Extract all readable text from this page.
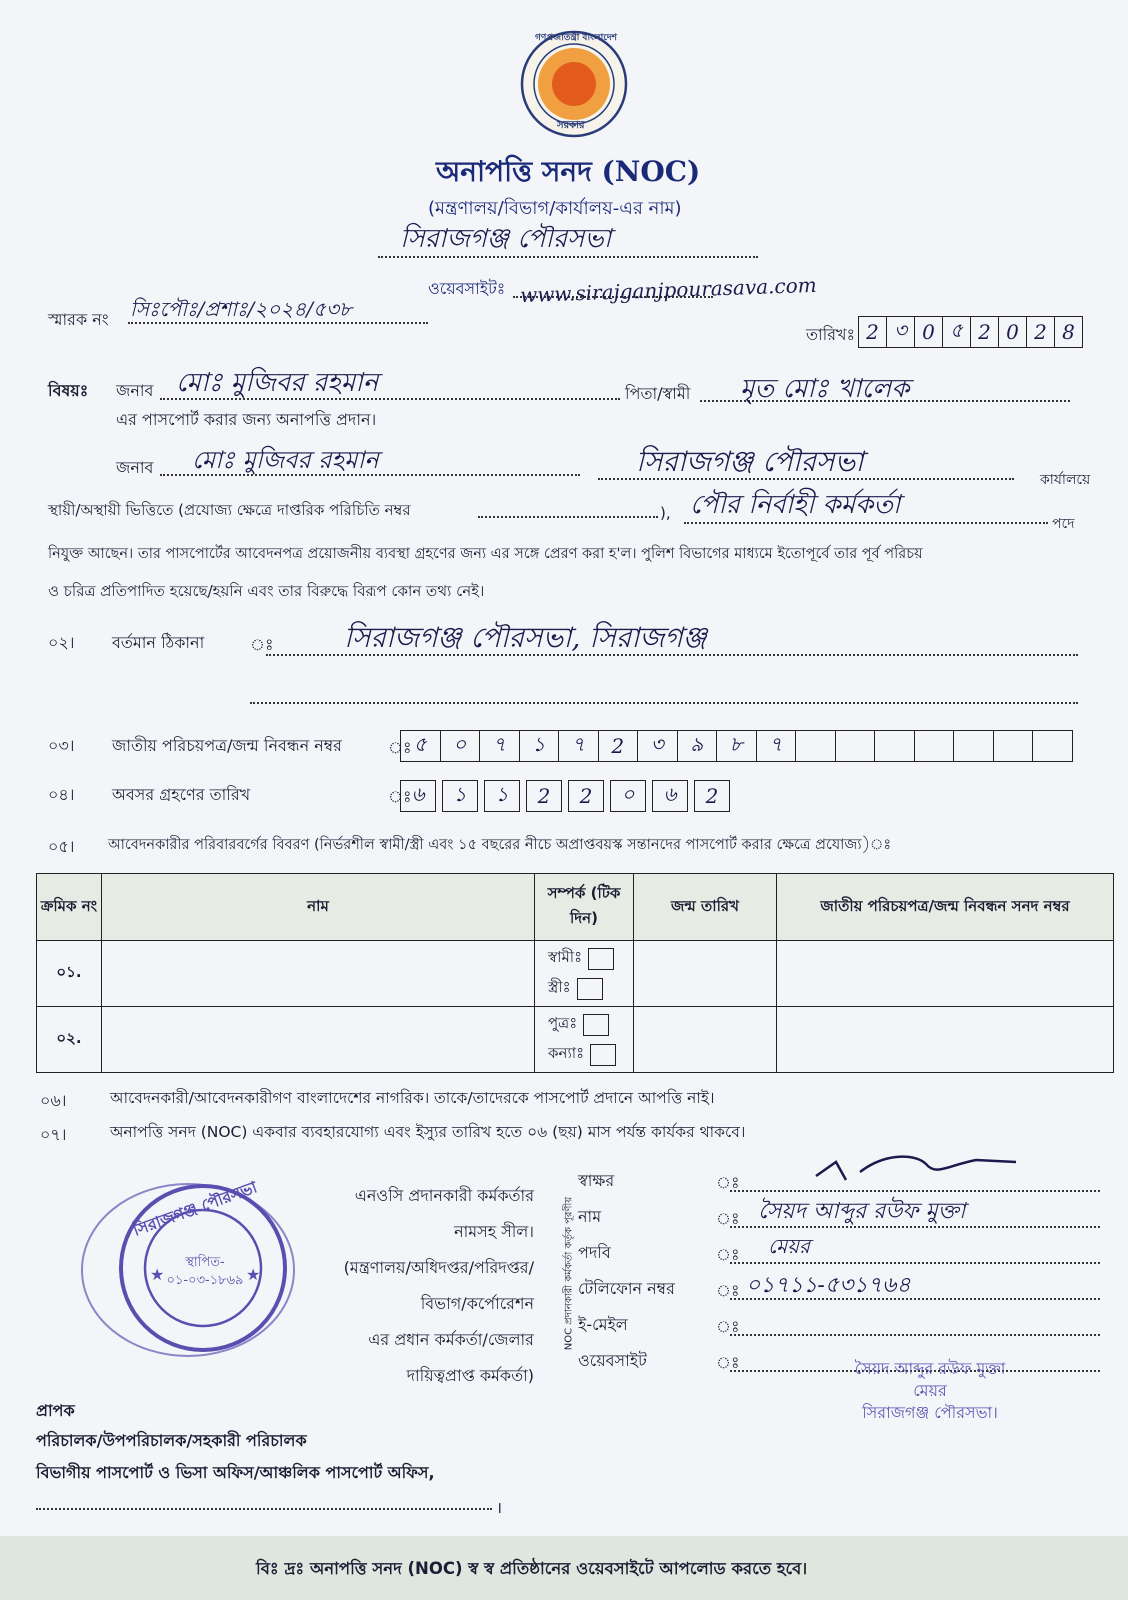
গণপ্রজাতন্ত্রী বাংলাদেশ
সরকার
অনাপত্তি সনদ (NOC)
(মন্ত্রণালয়/বিভাগ/কার্যালয়-এর নাম)
সিরাজগঞ্জ পৌরসভা
ওয়েবসাইটঃ www.sirajganjpourasava.com
স্মারক নং সিঃপৌঃ/প্রশাঃ/২০২৪/৫৩৮
তারিখঃ 2 ৩ 0 ৫ 2 0 2 8
বিষয়ঃ জনাব মোঃ মুজিবর রহমান	পিতা/স্বামী মৃত মোঃ খালেক
এর পাসপোর্ট করার জন্য অনাপত্তি প্রদান।
জনাব মোঃ মুজিবর রহমান	সিরাজগঞ্জ পৌরসভা
কার্যালয়ে
স্থায়ী/অস্থায়ী ভিত্তিতে (প্রযোজ্য ক্ষেত্রে দাপ্তরিক পরিচিতি নম্বর	), পৌর নির্বাহী কর্মকর্তা
পদে
নিযুক্ত আছেন। তার পাসপোর্টের আবেদনপত্র প্রয়োজনীয় ব্যবস্থা গ্রহণের জন্য এর সঙ্গে প্রেরণ করা হ'ল। পুলিশ বিভাগের মাধ্যমে ইতোপূর্বে তার পূর্ব পরিচয়
ও চরিত্র প্রতিপাদিত হয়েছে/হয়নি এবং তার বিরুদ্ধে বিরূপ কোন তথ্য নেই।
০২। বর্তমান ঠিকানা	ঃ	সিরাজগঞ্জ পৌরসভা, সিরাজগঞ্জ
০৩। জাতীয় পরিচয়পত্র/জন্ম নিবন্ধন নম্বর	ঃ ৫	০	৭	১	৭	2	৩	৯	৮	৭
০৪। অবসর গ্রহণের তারিখ	ঃ ৬	১	১	2	2	০	৬	2
০৫। আবেদনকারীর পরিবারবর্গের বিবরণ (নির্ভরশীল স্বামী/স্ত্রী এবং ১৫ বছরের নীচে অপ্রাপ্তবয়স্ক সন্তানদের পাসপোর্ট করার ক্ষেত্রে প্রযোজ্য)ঃ
ক্রমিক নং	নাম	সম্পর্ক (টিক দিন)	জন্ম তারিখ	জাতীয় পরিচয়পত্র/জন্ম নিবন্ধন সনদ নম্বর
০১.		স্বামীঃ
স্ত্রীঃ		

০২.		পুত্রঃ
কন্যাঃ		

০৬।	আবেদনকারী/আবেদনকারীগণ বাংলাদেশের নাগরিক। তাকে/তাদেরকে পাসপোর্ট প্রদানে আপত্তি নাই।
০৭।	অনাপত্তি সনদ (NOC) একবার ব্যবহারযোগ্য এবং ইস্যুর তারিখ হতে ০৬ (ছয়) মাস পর্যন্ত কার্যকর থাকবে।
এনওসি প্রদানকারী কর্মকর্তার
নামসহ সীল।
(মন্ত্রণালয়/অধিদপ্তর/পরিদপ্তর/
বিভাগ/কর্পোরেশন
এর প্রধান কর্মকর্তা/জেলার
দায়িত্বপ্রাপ্ত কর্মকর্তা)
NOC প্রদানকারী কর্মকর্তা কর্তৃক পূরণীয়
স্বাক্ষর	ঃ
নাম	ঃ সৈয়দ আব্দুর রউফ মুক্তা
পদবি	ঃ মেয়র
টেলিফোন নম্বর	ঃ ০১৭১১-৫৩১৭৬৪
ই-মেইল	ঃ
ওয়েবসাইট	ঃ	সৈয়দ আব্দুর রউফ মুক্তা
মেয়র
সিরাজগঞ্জ পৌরসভা।
★	★
সিরাজগঞ্জ পৌরসভা
স্থাপিত- ০১-০৩-১৮৬৯
প্রাপক
পরিচালক/উপপরিচালক/সহকারী পরিচালক
বিভাগীয় পাসপোর্ট ও ভিসা অফিস/আঞ্চলিক পাসপোর্ট অফিস,
।
বিঃ দ্রঃ অনাপত্তি সনদ (NOC) স্ব স্ব প্রতিষ্ঠানের ওয়েবসাইটে আপলোড করতে হবে।
